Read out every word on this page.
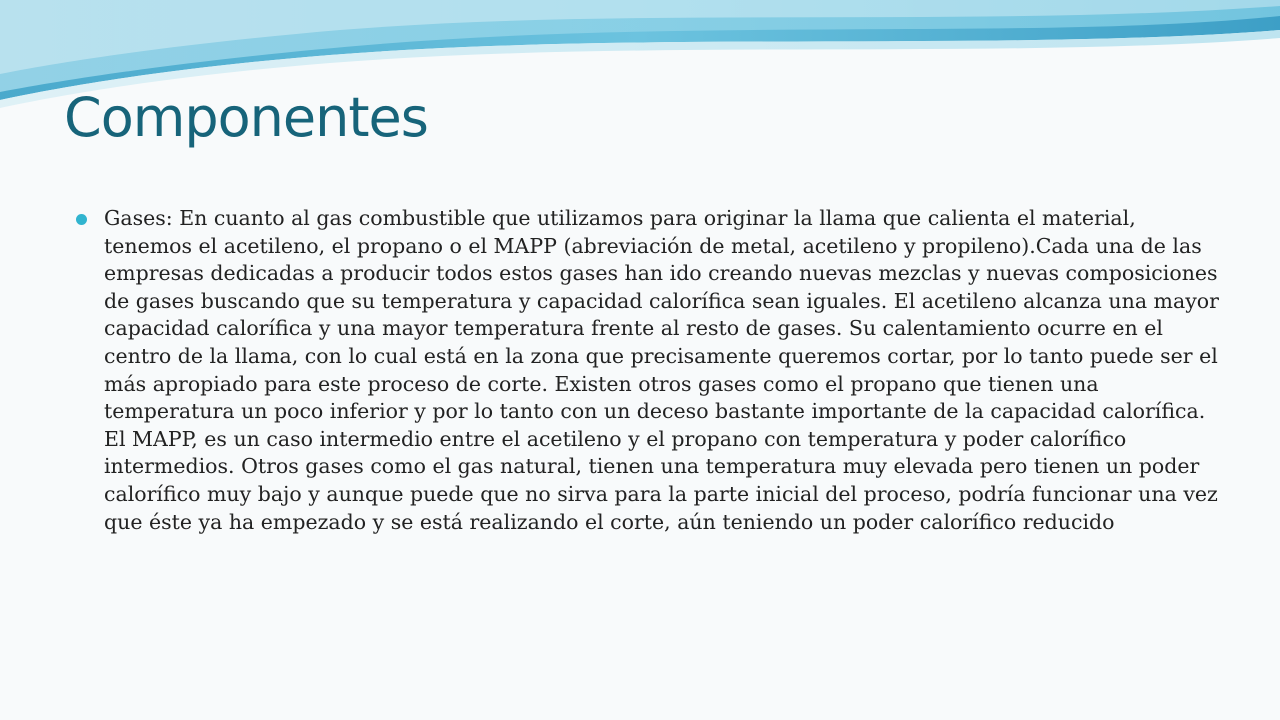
Componentes

Gases: En cuanto al gas combustible que utilizamos para originar la llama que calienta el material, tenemos el acetileno, el propano o el MAPP (abreviación de metal, acetileno y propileno).Cada una de las empresas dedicadas a producir todos estos gases han ido creando nuevas mezclas y nuevas composiciones de gases buscando que su temperatura y capacidad calorífica sean iguales. El acetileno alcanza una mayor capacidad calorífica y una mayor temperatura frente al resto de gases. Su calentamiento ocurre en el centro de la llama, con lo cual está en la zona que precisamente queremos cortar, por lo tanto puede ser el más apropiado para este proceso de corte. Existen otros gases como el propano que tienen una temperatura un poco inferior y por lo tanto con un deceso bastante importante de la capacidad calorífica. El MAPP, es un caso intermedio entre el acetileno y el propano con temperatura y poder calorífico intermedios. Otros gases como el gas natural, tienen una temperatura muy elevada pero tienen un poder calorífico muy bajo y aunque puede que no sirva para la parte inicial del proceso, podría funcionar una vez que éste ya ha empezado y se está realizando el corte, aún teniendo un poder calorífico reducido
